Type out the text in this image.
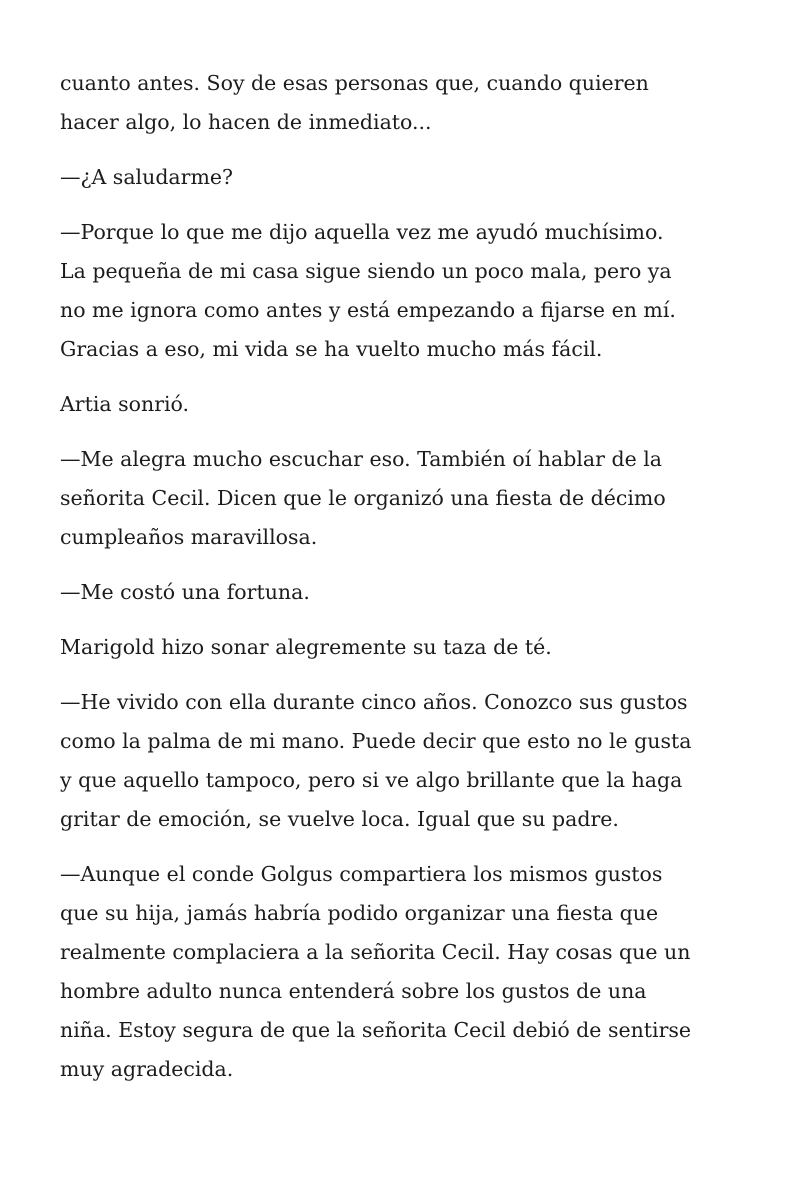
cuanto antes. Soy de esas personas que, cuando quieren
hacer algo, lo hacen de inmediato...
—¿A saludarme?
—Porque lo que me dijo aquella vez me ayudó muchísimo.
La pequeña de mi casa sigue siendo un poco mala, pero ya
no me ignora como antes y está empezando a fijarse en mí.
Gracias a eso, mi vida se ha vuelto mucho más fácil.
Artia sonrió.
—Me alegra mucho escuchar eso. También oí hablar de la
señorita Cecil. Dicen que le organizó una fiesta de décimo
cumpleaños maravillosa.
—Me costó una fortuna.
Marigold hizo sonar alegremente su taza de té.
—He vivido con ella durante cinco años. Conozco sus gustos
como la palma de mi mano. Puede decir que esto no le gusta
y que aquello tampoco, pero si ve algo brillante que la haga
gritar de emoción, se vuelve loca. Igual que su padre.
—Aunque el conde Golgus compartiera los mismos gustos
que su hija, jamás habría podido organizar una fiesta que
realmente complaciera a la señorita Cecil. Hay cosas que un
hombre adulto nunca entenderá sobre los gustos de una
niña. Estoy segura de que la señorita Cecil debió de sentirse
muy agradecida.
